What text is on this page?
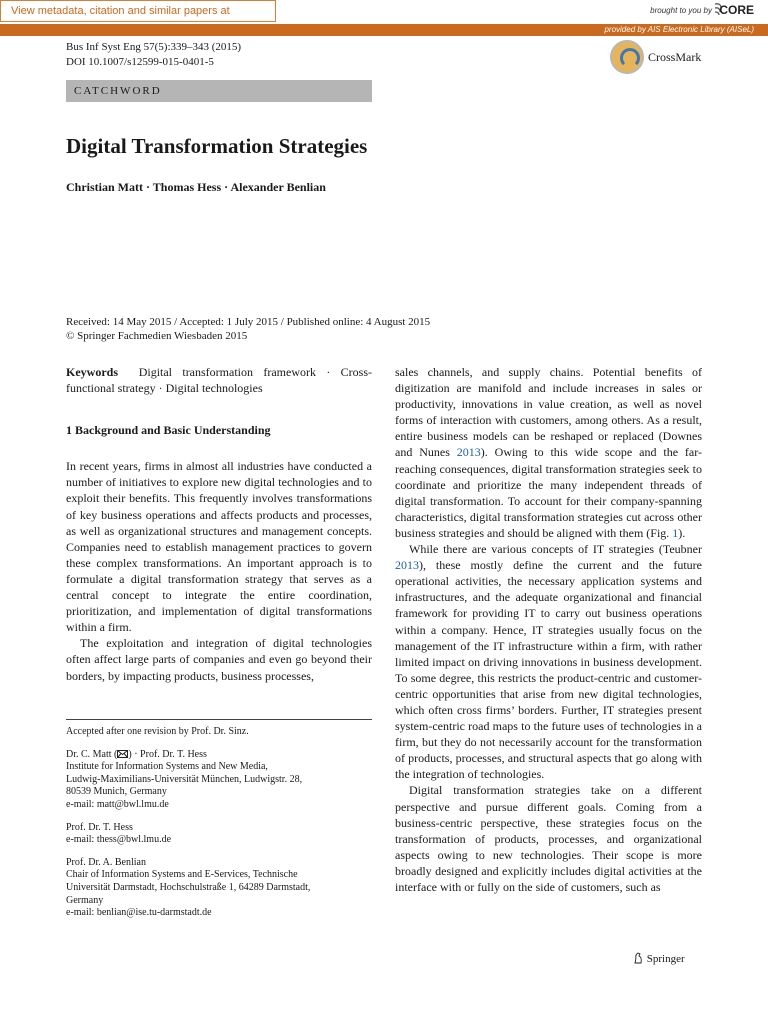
View metadata, citation and similar papers at	brought to you by CORE
provided by AIS Electronic Library (AISeL)
Bus Inf Syst Eng 57(5):339–343 (2015)
DOI 10.1007/s12599-015-0401-5	CrossMark
CATCHWORD
Digital Transformation Strategies
Christian Matt · Thomas Hess · Alexander Benlian
Received: 14 May 2015 / Accepted: 1 July 2015 / Published online: 4 August 2015
© Springer Fachmedien Wiesbaden 2015

Keywords Digital transformation framework · Cross-functional strategy · Digital technologies

1 Background and Basic Understanding

In recent years, firms in almost all industries have conducted a number of initiatives to explore new digital technologies and to exploit their benefits. This frequently involves transformations of key business operations and affects products and processes, as well as organizational structures and management concepts. Companies need to establish management practices to govern these complex transformations. An important approach is to formulate a digital transformation strategy that serves as a central concept to integrate the entire coordination, prioritization, and implementation of digital transformations within a firm.

The exploitation and integration of digital technologies often affect large parts of companies and even go beyond their borders, by impacting products, business processes,

Accepted after one revision by Prof. Dr. Sinz.

Dr. C. Matt ( ) · Prof. Dr. T. Hess

Institute for Information Systems and New Media,

Ludwig-Maximilians-Universität München, Ludwigstr. 28,

80539 Munich, Germany

e-mail: matt@bwl.lmu.de

Prof. Dr. T. Hess

e-mail: thess@bwl.lmu.de

Prof. Dr. A. Benlian

Chair of Information Systems and E-Services, Technische

Universität Darmstadt, Hochschulstraße 1, 64289 Darmstadt,

Germany

e-mail: benlian@ise.tu-darmstadt.de

sales channels, and supply chains. Potential benefits of digitization are manifold and include increases in sales or productivity, innovations in value creation, as well as novel forms of interaction with customers, among others. As a result, entire business models can be reshaped or replaced (Downes and Nunes 2013). Owing to this wide scope and the far-reaching consequences, digital transformation strategies seek to coordinate and prioritize the many independent threads of digital transformation. To account for their company-spanning characteristics, digital transformation strategies cut across other business strategies and should be aligned with them (Fig. 1).

While there are various concepts of IT strategies (Teubner 2013), these mostly define the current and the future operational activities, the necessary application systems and infrastructures, and the adequate organizational and financial framework for providing IT to carry out business operations within a company. Hence, IT strategies usually focus on the management of the IT infrastructure within a firm, with rather limited impact on driving innovations in business development. To some degree, this restricts the product-centric and customer-centric opportunities that arise from new digital technologies, which often cross firms’ borders. Further, IT strategies present system-centric road maps to the future uses of technologies in a firm, but they do not necessarily account for the transformation of products, processes, and structural aspects that go along with the integration of technologies.

Digital transformation strategies take on a different perspective and pursue different goals. Coming from a business-centric perspective, these strategies focus on the transformation of products, processes, and organizational aspects owing to new technologies. Their scope is more broadly designed and explicitly includes digital activities at the interface with or fully on the side of customers, such as

Springer
